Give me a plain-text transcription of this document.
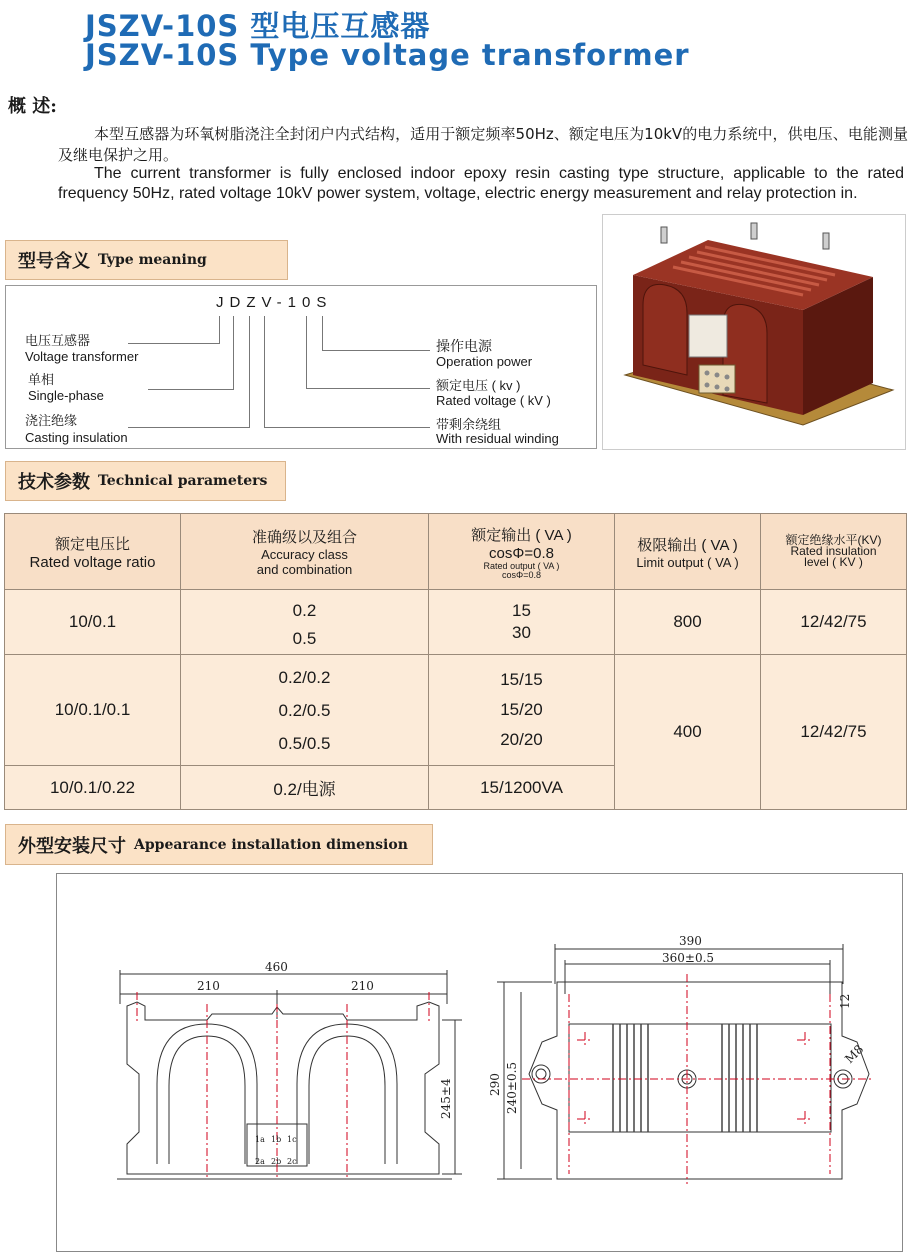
JSZV-10S 型电压互感器
JSZV-10S Type voltage transformer
概 述:
本型互感器为环氧树脂浇注全封闭户内式结构，适用于额定频率50Hz、额定电压为10kV的电力系统中，供电压、电能测量及继电保护之用。
The current transformer is fully enclosed indoor epoxy resin casting type structure, applicable to the rated frequency 50Hz, rated voltage 10kV power system, voltage, electric energy measurement and relay protection in.
型号含义 Type meaning
JDZV-10S
电压互感器
Voltage transformer
单相
Single-phase
浇注绝缘
Casting insulation
操作电源
Operation power
额定电压 ( kv )
Rated voltage ( kV )
带剩余绕组
With residual winding
技术参数 Technical parameters
额定电压比
Rated voltage ratio	准确级以及组合
Accuracy class
and combination	额定输出 ( VA )
cosΦ=0.8
Rated output ( VA )
cosΦ=0.8	极限输出 ( VA )
Limit output ( VA )	额定绝缘水平(KV)
Rated insulation
level ( KV )

10/0.1	0.2
0.5	15
30	800	12/42/75
10/0.1/0.1	0.2/0.2
0.2/0.5
0.5/0.5	15/15
15/20
20/20	400	12/42/75
10/0.1/0.22	0.2/电源	15/1200VA		
外型安装尺寸 Appearance installation dimension
460
210	210
245±4
1a 1b 1c
2a 2b 2c
390
360±0.5
290 240±0.5
12
M8
